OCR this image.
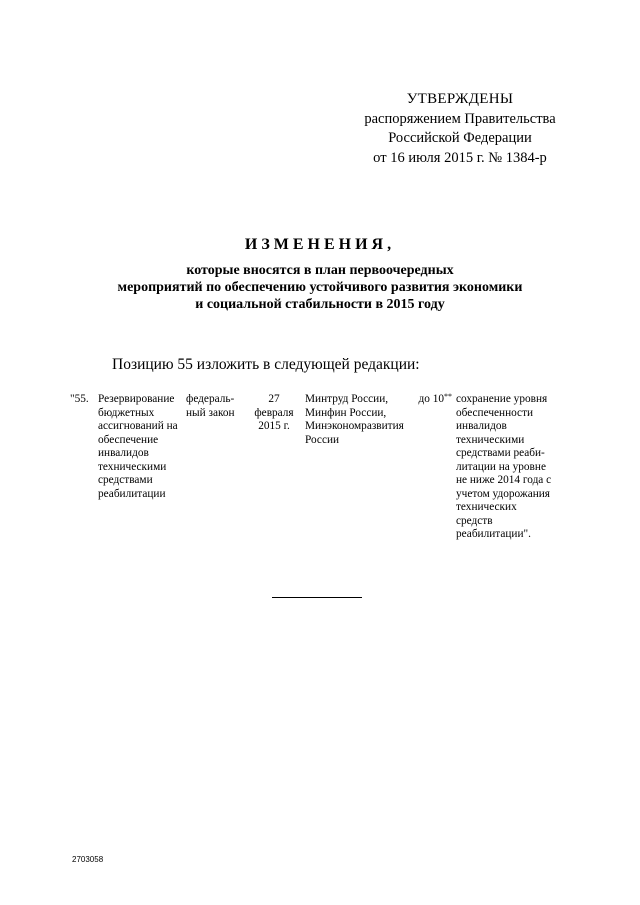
УТВЕРЖДЕНЫ
распоряжением Правительства
Российской Федерации
от 16 июля 2015 г. № 1384-р
ИЗМЕНЕНИЯ,
которые вносятся в план первоочередных
мероприятий по обеспечению устойчивого развития экономики
и социальной стабильности в 2015 году
Позицию 55 изложить в следующей редакции:
"55. Резервирование
бюджетных
ассигнований на
обеспечение
инвалидов
техническими
средствами
реабилитации
федераль-
ный закон
27
февраля
2015 г.
Минтруд России,
Минфин России,
Минэкономразвития
России
до 10** сохранение уровня
обеспеченности
инвалидов
техническими
средствами реаби-
литации на уровне
не ниже 2014 года с
учетом удорожания
технических
средств
реабилитации".
2703058
